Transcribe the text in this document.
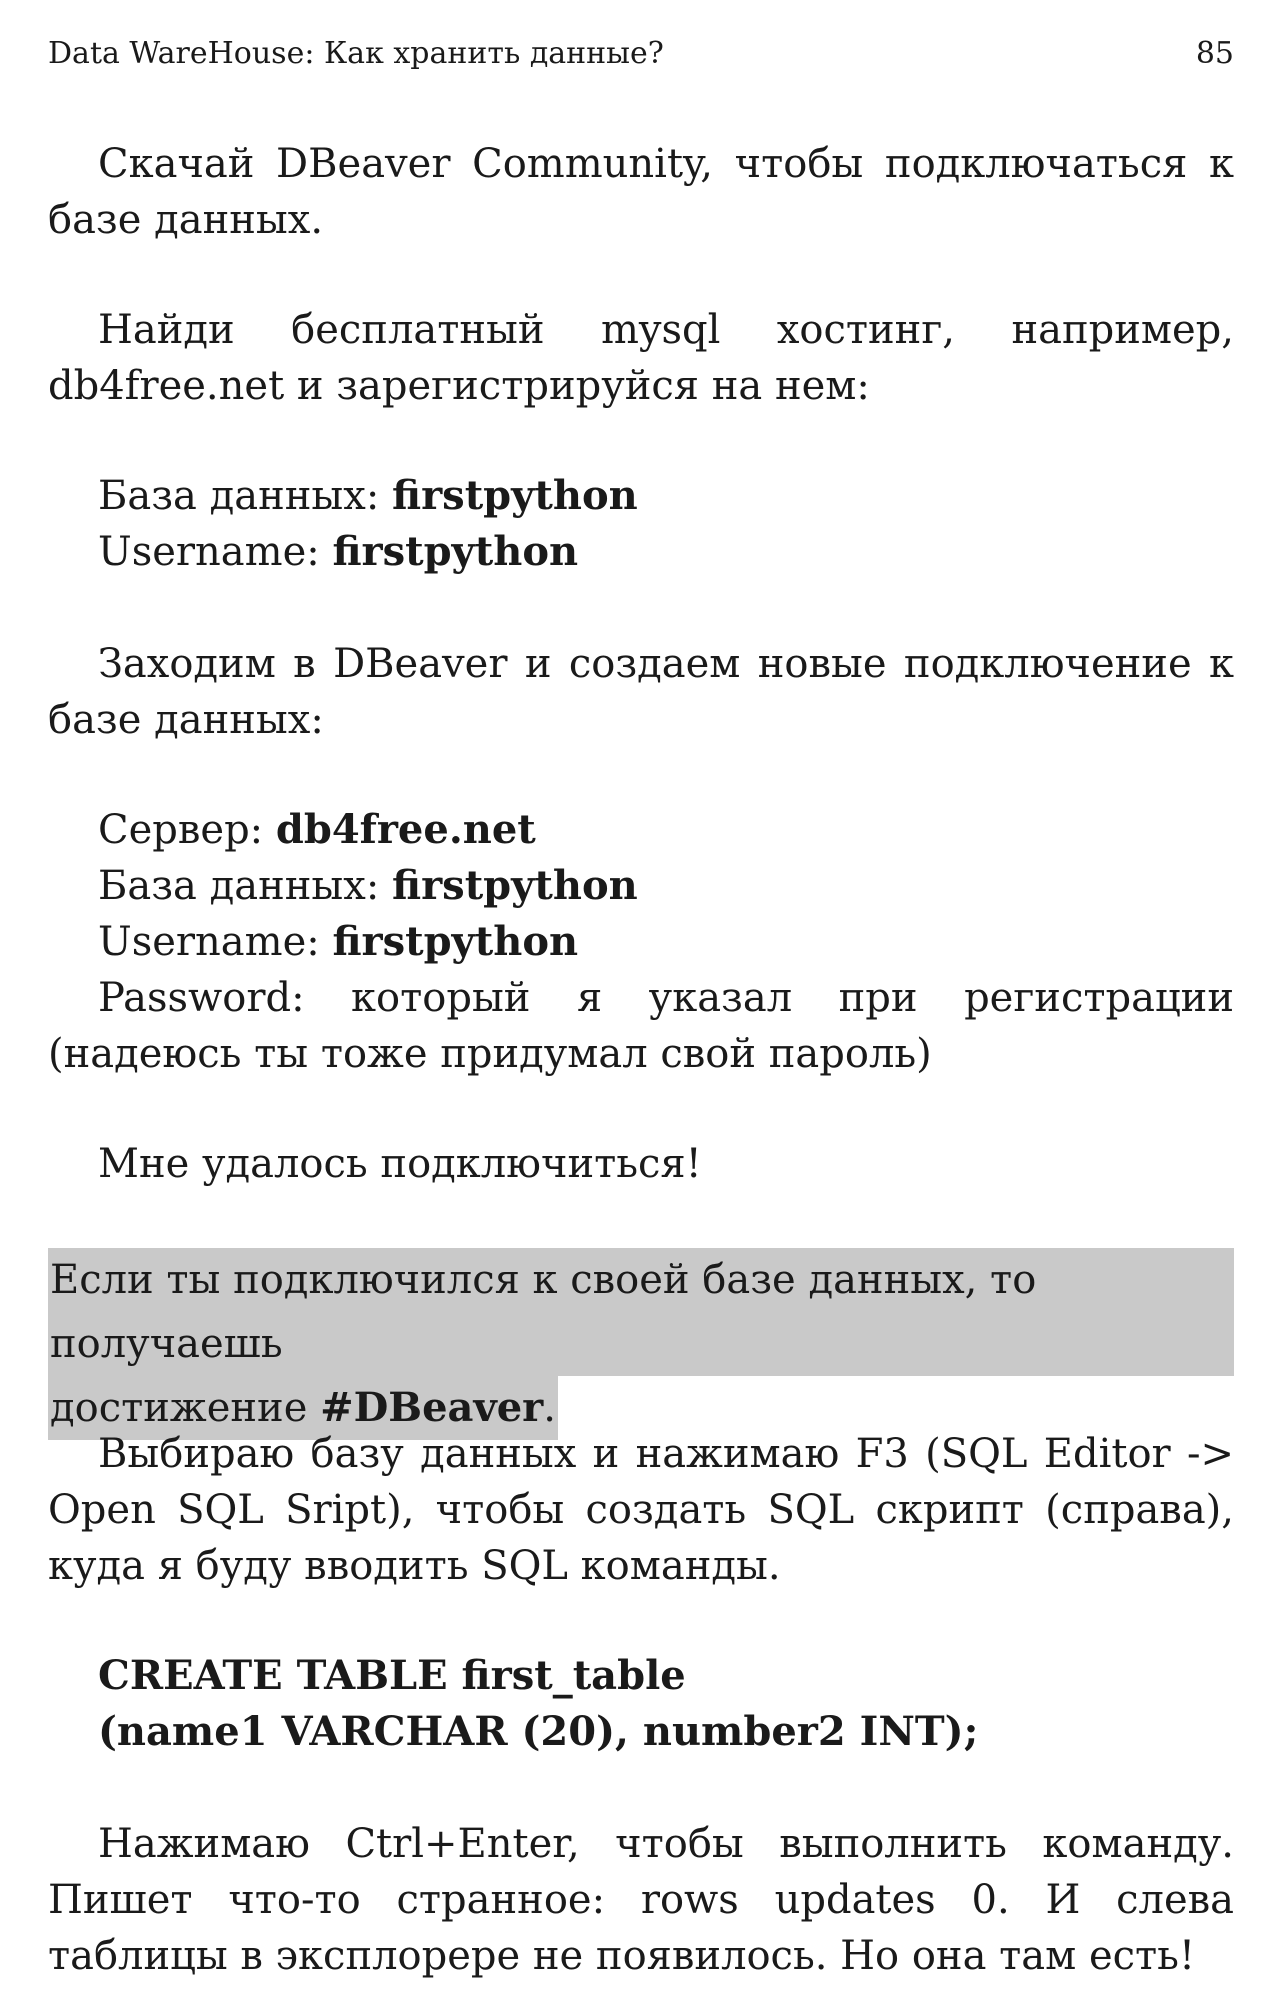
Data WareHouse: Как хранить данные?	85

Скачай DBeaver Community, чтобы подключаться к базе данных.

Найди бесплатный mysql хостинг, например, db4free.net и зарегистрируйся на нем:

База данных: firstpython
Username: firstpython

Заходим в DBeaver и создаем новые подключение к базе данных:

Сервер: db4free.net
База данных: firstpython
Username: firstpython

Password: который я указал при регистрации (надеюсь ты тоже придумал свой пароль)

Мне удалось подключиться!

Если ты подключился к своей базе данных, то получаешь
достижение #DBeaver.

Выбираю базу данных и нажимаю F3 (SQL Editor -> Open SQL Sript), чтобы создать SQL скрипт (справа), куда я буду вводить SQL команды.

CREATE TABLE first_table
(name1 VARCHAR (20), number2 INT);

Нажимаю Ctrl+Enter, чтобы выполнить команду. Пишет что-то странное: rows updates 0. И слева таблицы в эксплорере не появилось. Но она там есть!
